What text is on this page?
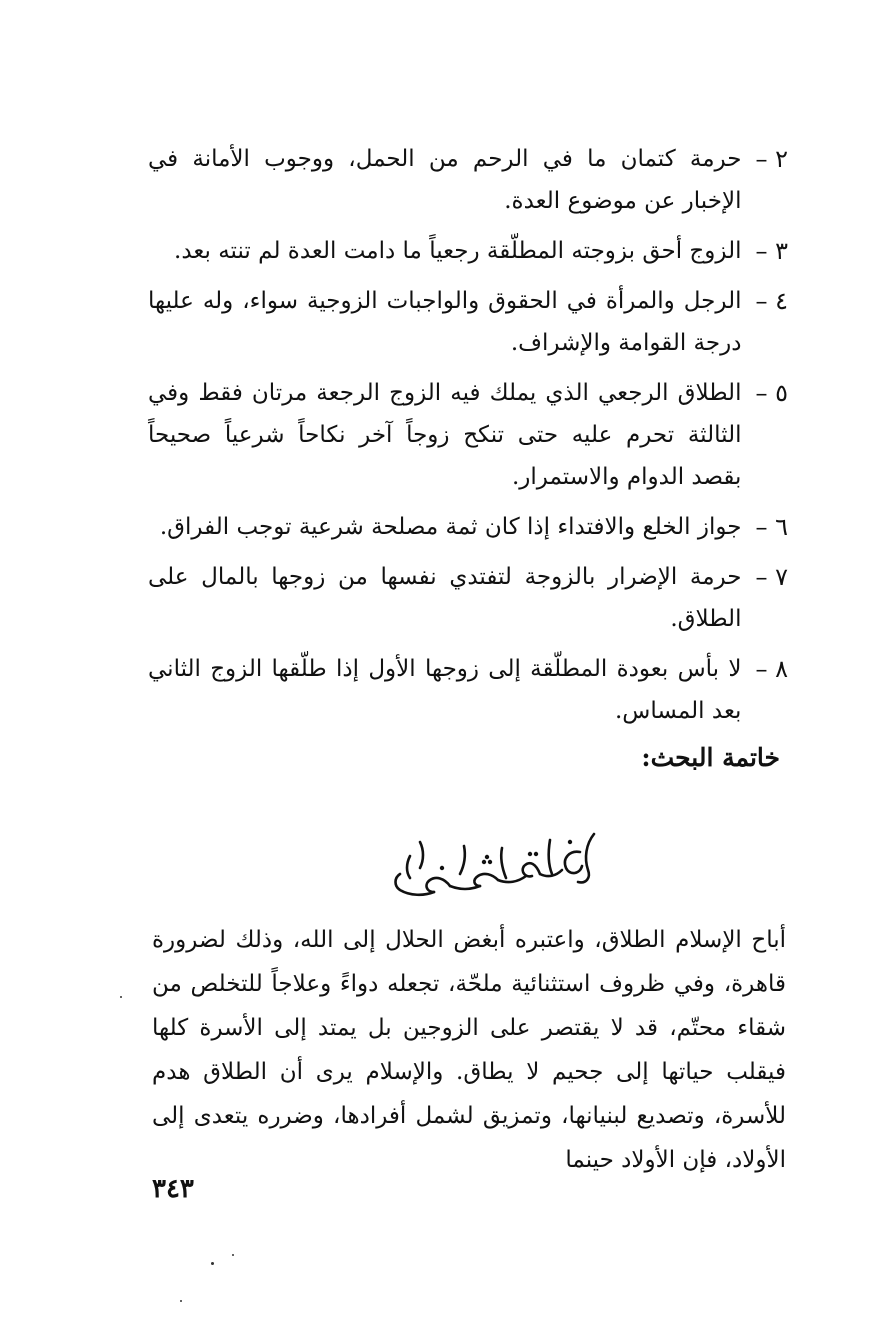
٢ –
حرمة كتمان ما في الرحم من الحمل، ووجوب الأمانة في الإخبار عن موضوع العدة.
٣ –
الزوج أحق بزوجته المطلّقة رجعياً ما دامت العدة لم تنته بعد.
٤ –
الرجل والمرأة في الحقوق والواجبات الزوجية سواء، وله عليها درجة القوامة والإشراف.
٥ –
الطلاق الرجعي الذي يملك فيه الزوج الرجعة مرتان فقط وفي الثالثة تحرم عليه حتى تنكح زوجاً آخر نكاحاً شرعياً صحيحاً بقصد الدوام والاستمرار.
٦ –
جواز الخلع والافتداء إذا كان ثمة مصلحة شرعية توجب الفراق.
٧ –
حرمة الإضرار بالزوجة لتفتدي نفسها من زوجها بالمال على الطلاق.
٨ –
لا بأس بعودة المطلّقة إلى زوجها الأول إذا طلّقها الزوج الثاني بعد المساس.
خاتمة البحث:
أباح الإسلام الطلاق، واعتبره أبغض الحلال إلى الله، وذلك لضرورة قاهرة، وفي ظروف استثنائية ملحّة، تجعله دواءً وعلاجاً للتخلص من شقاء محتّم، قد لا يقتصر على الزوجين بل يمتد إلى الأسرة كلها فيقلب حياتها إلى جحيم لا يطاق. والإسلام يرى أن الطلاق هدم للأسرة، وتصديع لبنيانها، وتمزيق لشمل أفرادها، وضرره يتعدى إلى الأولاد، فإن الأولاد حينما
٣٤٣
